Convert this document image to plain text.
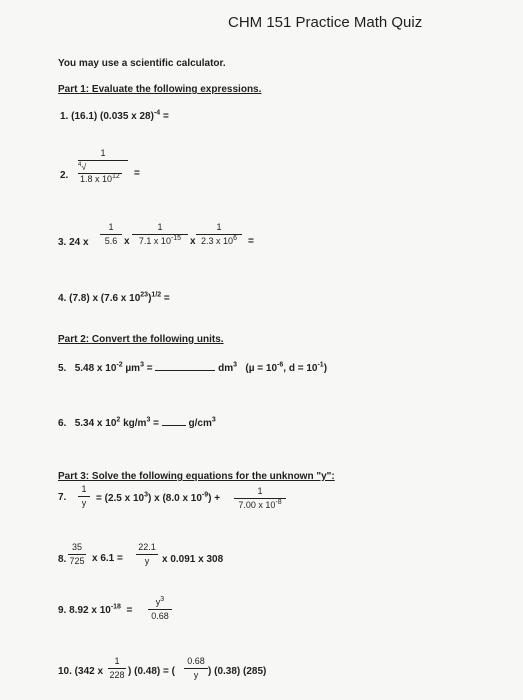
CHM 151 Practice Math Quiz
You may use a scientific calculator.
Part 1: Evaluate the following expressions.
1. (16.1) (0.035 x 28)$^{-4}$ =
2.
1
$^4$√1.8 x $10^{12}$	=
3. 24 x
1
5.6 x
1
7.1 x $10^{-15}$ x
1
2.3 x $10^6$ =
4. (7.8) x (7.6 x $10^{23})^{1/2}$ =
Part 2: Convert the following units.
5. 5.48 x $10^{-2}$ µm$^3$ =	$dm^3$ ($\mu = 10^{-6}$, $d = 10^{-1}$)
6. 5.34 x $10^2$ $kg/m^3$ =	$g/cm^3$
Part 3: Solve the following equations for the unknown "y":
7.
1
y = (2.5 x $10^3$) x (8.0 x $10^{-9}$) +
1
7.00 x $10^{-8}$
8.
35
725 x 6.1 =
22.1
y x 0.091 x 308
9. 8.92 x $10^{-18}$ =
$y^3$
0.68
10. (342 x
1
228 ) (0.48) = (
0.68
y ) (0.38) (285)
